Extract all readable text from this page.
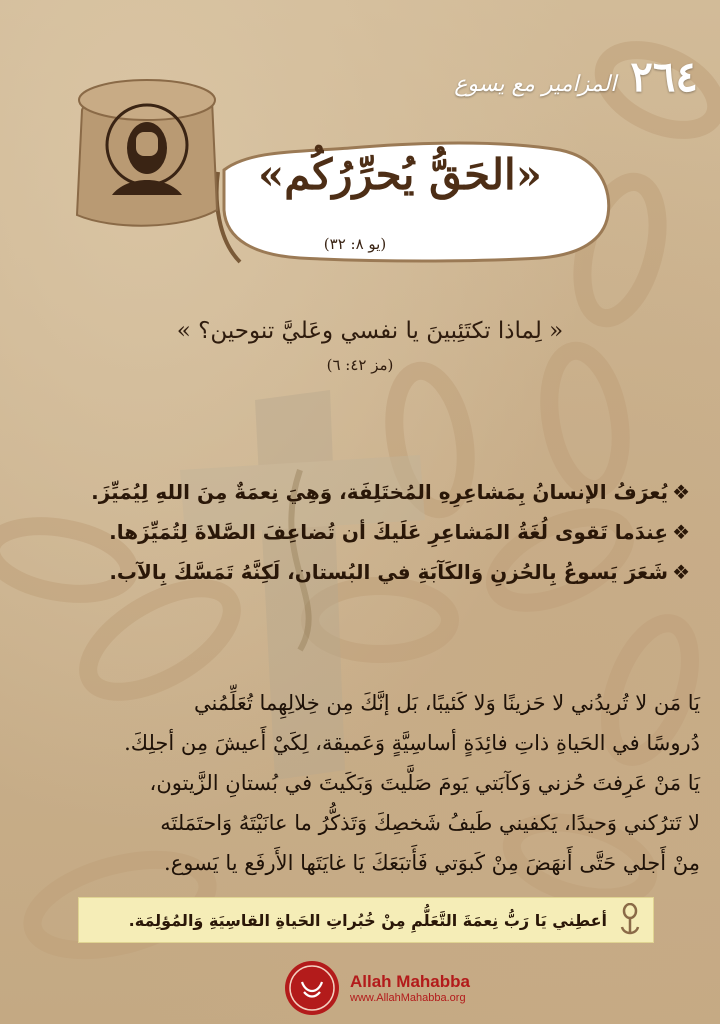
٢٦٤
المزامير مع يسوع
«الحَقُّ يُحرِّرُكُم»
(يو ٨: ٣٢)
« لِماذا تكتَئِبينَ يا نفسي وعَليَّ تنوحين؟ »
(مز ٤٢: ٦)
❖يُعرَفُ الإنسانُ بِمَشاعِرِهِ المُختَلِفَة، وَهِيَ نِعمَةٌ مِنَ اللهِ لِيُمَيِّزَ.
❖عِندَما تَقوى لُغَةُ المَشاعِرِ عَلَيكَ أن تُضاعِفَ الصَّلاةَ لِتُمَيِّزَها.
❖شَعَرَ يَسوعُ بِالحُزنِ وَالكَآبَةِ في البُستان، لَكِنَّهُ تَمَسَّكَ بِالآب.

يَا مَن لا تُريدُني لا حَزينًا وَلا كَئيبًا، بَل إنَّكَ مِن خِلالِهِما تُعَلِّمُني

دُروسًا في الحَياةِ ذاتِ فائِدَةٍ أساسِيَّةٍ وَعَميقة، لِكَيْ أَعيشَ مِن أجلِكَ.

يَا مَنْ عَرِفتَ حُزني وَكآبَتي يَومَ صَلَّيتَ وَبَكَيتَ في بُستانِ الزَّيتون،

لا تَترُكني وَحيدًا، يَكفيني طَيفُ شَخصِكَ وَتَذكُّرُ ما عانَيْتَهُ وَاحتَمَلتَه

مِنْ أَجلي حَتَّى أَنهَضَ مِنْ كَبوَتي فَأَتبَعَكَ يَا غايَتَها الأَرفَع يا يَسوع.

أعطِني يَا رَبُّ نِعمَةَ التَّعَلُّمِ مِنْ خُبُراتِ الحَياةِ القاسِيَةِ وَالمُؤلِمَة.
Allah Mahabba
www.AllahMahabba.org
